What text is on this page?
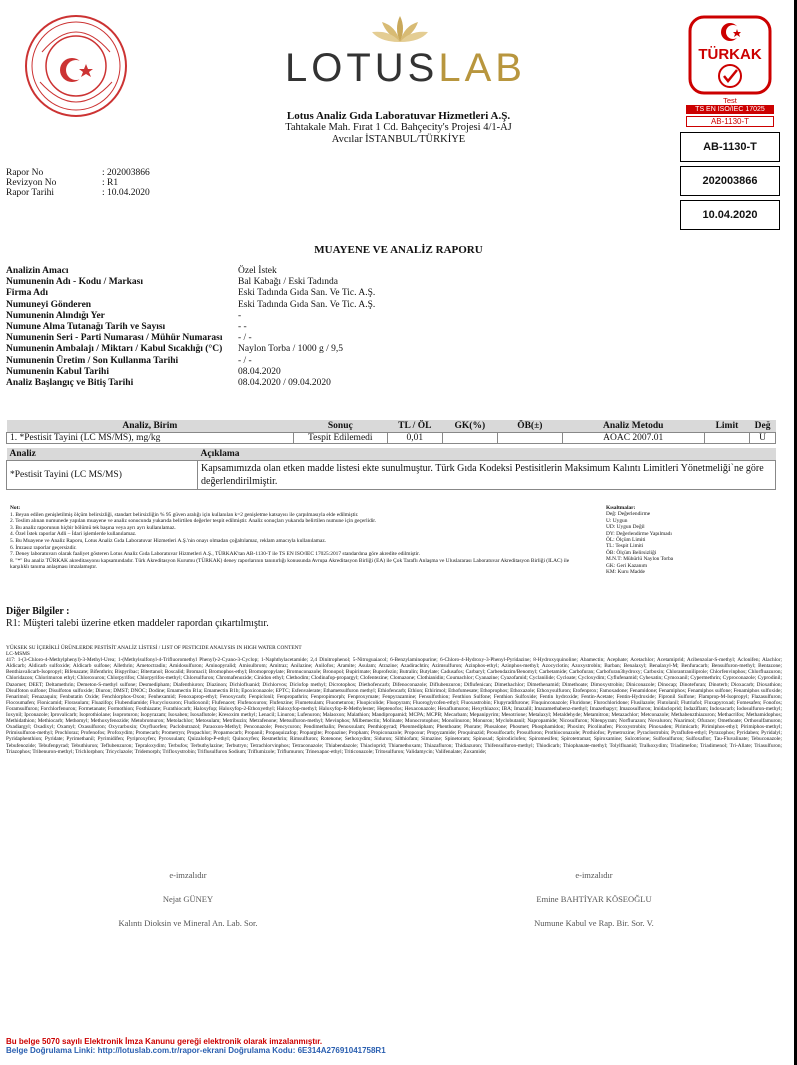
LOTUSLAB
Lotus Analiz Gıda Laboratuvar Hizmetleri A.Ş.
Tahtakale Mah. Fırat 1 Cd. Bahçecity's Projesi 4/1-AJ
Avcılar İSTANBUL/TÜRKİYE
TÜRKAK
Test
TS EN ISO/IEC 17025
AB-1130-T
AB-1130-T
202003866
10.04.2020
Rapor No	: 202003866
Revizyon No	: R1
Rapor Tarihi	: 10.04.2020
MUAYENE VE ANALİZ RAPORU
Analizin Amacı	Özel İstek
Numunenin Adı - Kodu / Markası	Bal Kabağı / Eski Tadında
Firma Adı	Eski Tadında Gıda San. Ve Tic. A.Ş.
Numuneyi Gönderen	Eski Tadında Gıda San. Ve Tic. A.Ş.
Numunenin Alındığı Yer	-
Numune Alma Tutanağı Tarih ve Sayısı	- -
Numunenin Seri - Parti Numarası / Mühür Numarası	- / -
Numunenin Ambalajı / Miktarı / Kabul Sıcaklığı (°C)	Naylon Torba / 1000 g / 9,5
Numunenin Üretim / Son Kullanma Tarihi	- / -
Numunenin Kabul Tarihi	08.04.2020
Analiz Başlangıç ve Bitiş Tarihi	08.04.2020 / 09.04.2020
Analiz, Birim	Sonuç	TL / ÖL	GK(%)	ÖB(±)	Analiz Metodu	Limit	Değ
1. *Pestisit Tayini (LC MS/MS), mg/kg	Tespit Edilemedi	0,01			AOAC 2007.01		U
Analiz	Açıklama
*Pestisit Tayini (LC MS/MS)	Kapsamımızda olan etken madde listesi ekte sunulmuştur. Türk Gıda Kodeksi Pestisitlerin Maksimum Kalıntı Limitleri Yönetmeliği`ne göre değerlendirilmiştir.
Not:
1. Beyan edilen genişletilmiş ölçüm belirsizliği, standart belirsizliğin % 95 güven aralığı için kullanılan k=2 genişletme katsayısı ile çarpılmasıyla elde edilmiştir.
2. Teslim alınan numunede yapılan muayene ve analiz sonucunda yukarıda belirtilen değerler tespit edilmiştir. Analiz sonuçları yukarıda belirtilen numune için geçerlidir.
3. Bu analiz raporunun hiçbir bölümü tek başına veya ayrı ayrı kullanılamaz.
4. Özel İstek raporlar Adli – İdari işlemlerde kullanılamaz.
5. Bu Muayene ve Analiz Raporu, Lotus Analiz Gıda Laboratuvar Hizmetleri A.Ş.'nin onayı olmadan çoğaltılamaz, reklam amacıyla kullanılamaz.
6. İmzasız raporlar geçersizdir.
7. Deney laboratuvarı olarak faaliyet gösteren Lotus Analiz Gıda Laboratuvar Hizmetleri A.Ş., TÜRKAK'tan AB-1130-T ile TS EN ISO/IEC 17025:2017 standardına göre akredite edilmiştir.
8. "*" Bu analiz TÜRKAK akreditasyonu kapsamındadır. Türk Akreditasyon Kurumu (TÜRKAK) deney raporlarının tanınırlığı konusunda Avrupa Akreditasyon Birliği (EA) ile Çok Taraflı Anlaşma ve Uluslararası Laboratuvar Akreditasyon Birliği (ILAC) ile karşılıklı tanıma anlaşması imzalamıştır.
Kısaltmalar:
Değ: Değerlendirme
U: Uygun
UD: Uygun Değil
DY: Değerlendirme Yapılmadı
ÖL: Ölçüm Limiti
TL: Tespit Limiti
ÖB: Ölçüm Belirsizliği
M.N.T: Mühürlü Naylon Torba
GK: Geri Kazanım
KM: Kuru Madde
Diğer Bilgiler :
R1: Müşteri talebi üzerine etken maddeler rapordan çıkartılmıştır.
YÜKSEK SU İÇERİKLİ ÜRÜNLERDE PESTİSİT ANALİZ LİSTESİ / LIST OF PESTICIDE ANALYSIS IN HIGH WATER CONTENT
LC-MSMS
417: 1-(3-Chloro-4-Methylphenyl)-3-Methyl-Urea; 1-(Methylsulfonyl-4-Trifluoromethyl Phenyl)-2-Cyano-3-Cyclop; 1-Naphthylacetamide; 2,4 Dinitrophenol; 5-Nitroguaiacol; 6-Benzylaminopurine; 6-Chloro-4-Hydroxy-3-Phenyl-Pyridazine; 8-Hydroxyquinoline; Abamectin; Acephate; Acetachlor; Acetamiprid; Acibenzolar-S-methyl; Aclonifen; Alachlor; Aldicarb; Aldicarb sulfoxide; Aldicarb sulfone; Allethrin; Ametoctradin; Amidosulfuron; Aminopyralid; Amisulbrom; Amitraz; Anilazine; Anilofos; Aramite; Asulam; Atrazine; Azadirachtin; Azimsulfuron; Azinphos-ethyl; Azinphos-methyl; Azocyclotin; Azoxystrobin; Barban; Benalaxyl; Benalaxyl-M; Benfuracarb; Bensulfuron-methyl; Bentazone; Benthiavalicarb-Isopropyl; Bifenazate; Bifenthrin; Bispyribac; Bitertanol; Boscalid; Bromacil; Bromophos-ethyl; Bromopropylate; Bromuconazole; Bronopol; Bupirimate; Buprofezin; Butralin; Butylate; Cadusafos; Carbaryl; Carbendazim/Benomyl; Carbetamide; Carbofuran; Carbofuran3hydroxy; Carboxin; Chlorantraniliprole; Chlorfenvinphos; Chlorfluazuron; Chloridazon; Chlorimuron ethyl; Chloroxuron; Chlorpyrifos; Chlorpyrifos-methyl; Chlorsulfuron; Chromafenozide; Cinidon ethyl; Clethodim; Clodinafop-propargyl; Clofentezine; Clomazone; Clothianidin; Coumachlor; Cyanazine; Cyazofamid; Cyclanilide; Cycloate; Cycloxydim; Cyflufenamid; Cyhexatin; Cymoxanil; Cypermethrin; Cyproconazole; Cyprodinil; Dazomet; DEET; Deltamethrin; Demeton-S-methyl sulfone; Desmedipham; Diafenthiuron; Diazinon; Dichlofluanid; Dichlorvos; Diclofop methyl; Dicrotophos; Diethofencarb; Difenoconazole; Diflubenzuron; Diflufenican; Dimethachlor; Dimethenamid; Dimethoate; Dimoxystrobin; Diniconazole; Dinocap; Dinotefuran; Dinoterb; Dioxacarb; Dioxathion; Disulfoton sulfone; Disulfoton sulfoxide; Diuron; DMST; DNOC; Dodine; Emamectin B1a; Emamectin B1b; Epoxiconazole; EPTC; Esfenvalerate; Ethametsulfuron methyl; Ethiofencarb; Ethion; Ethirimol; Ethofumesate; Ethoprophos; Ethoxazole; Ethoxysulfuron; Etofenprox; Famoxadone; Fenamidone; Fenamiphos; Fenamiphos sulfone; Fenamiphos sulfoxide; Fenarimol; Fenazaquin; Fenbutatin Oxide; Fenchlorphos-Oxon; Fenhexamid; Fenoxaprop-ethyl; Fenoxycarb; Fenpiclonil; Fenpropathrin; Fenpropimorph; Fenproxymate; Fenpyrazamine; Fensulfothion; Fenthion Sulfone; Fenthion Sulfoxide; Fentin hydroxide; Fentin-Acetate; Fentin-Hydroxide; Fipronil Sulfone; Flamprop-M-Isopropyl; Flazasulfuron; Flocoumafen; Flonicamid; Florasulam; Fluazifop; Flubendiamide; Flucycloxuron; Fludioxonil; Flufenacet; Flufenoxuron; Flufenzine; Flumetsulam; Fluometuron; Fluopicolide; Fluopyram; Fluoroglycofen-ethyl; Fluoxastrobin; Flupyradifurone; Fluquinconazole; Fluridone; Flurochloridone; Flusilazole; Flutolanil; Flutriafol; Fluxapyroxad; Fomesafen; Fonofos; Foramsulfuron; Forchlorfenuron; Formetanate; Formothion; Fosthiazate; Furathiocarb; Haloxyfop; Haloxyfop-2-Ethoxyethyl; Haloxyfop-methyl; Haloxyfop-R-Methylester; Heptenofos; Hexaconazole; Hexaflumuron; Hexythiazox; IBA; Imazalil; Imazamethabenz-methyl; Imazethapyr; Imazosulfuron; Imidacloprid; Indaziflam; Indoxacarb; Iodosulfuron-methyl; Ioxynil; Ipconazole; Iprovalicarb; Isoprothiolane; Isoproturon; Isopyrazam; Isoxaben; Isoxaflutole; Kresoxim methyl; Lenacil; Linuron; Lufenuron; Malaoxon; Malathion; Mandipropamid; MCPA; MCPB; Mecarbam; Mepanipyrim; Mesotrione; Metalaxyl; Metaldehyde; Metamitron; Metazachlor; Metconazole; Methabenzthiazuron; Methacrifos; Methamidophos; Methidathion; Methiocarb; Methomyl; Methoxyfenozide; Metobromuron; Metolachlor; Metosulam; Metribuzin; Metrafenone; Metsulfuron-methyl; Mevinphos; Milbemectin; Molinate; Monocrotophos; Monolinuron; Monuron; Myclobutanil; Napropamide; Nicosulfuron; Nitenpyram; Norflurazon; Novaluron; Nuarimol; Ofurace; Omethoate; Orthosulfamuron; Oxadiargyl; Oxadixyl; Oxamyl; Oxasulfuron; Oxycarboxin; Oxyfluorfen; Paclobutrazol; Paraoxon-Methyl; Penconazole; Pencycuron; Pendimethalin; Penoxsulam; Penthiopyrad; Phenmedipham; Phenthoate; Phorate; Phosalone; Phosmet; Phosphamidon; Phoxim; Picolinafen; Picoxystrobin; Pinoxaden; Pirimicarb; Pirimiphos-ethyl; Pirimiphos-methyl; Primisulfuron-methyl; Prochloraz; Profenofos; Profoxydim; Promecarb; Prometryn; Propachlor; Propamocarb; Propanil; Propaquizafop; Propargite; Propazine; Propham; Propiconazole; Propoxur; Propyzamide; Proquinazid; Prosulfocarb; Prosulfuron; Prothioconazole; Prothiofos; Pymetrozine; Pyraclostrobin; Pyraflufen-ethyl; Pyrazophos; Pyridaben; Pyridalyl; Pyridaphenthion; Pyridate; Pyrimethanil; Pyrimidifen; Pyriproxyfen; Pyroxsulam; Quizalofop-P-ethyl; Quinoxyfen; Resmethrin; Rimsulfuron; Rotenone; Sethoxydim; Siduron; Silthiofam; Simazine; Spinetoram; Spinosad; Spirodiclofen; Spiromesifen; Spirotetramat; Spiroxamine; Sulcotrione; Sulfosulfuron; Sulfoxaflor; Tau-Fluvalinate; Tebuconazole; Tebufenozide; Tebufenpyrad; Tebuthiuron; Teflubenzuron; Tepraloxydim; Terbufos; Terbuthylazine; Terbutryn; Tetrachlorvinphos; Tetraconazole; Thiabendazole; Thiacloprid; Thiamethoxam; Thiazafluron; Thidiazuron; Thifensulfuron-methyl; Thiodicarb; Thiophanate-methyl; Tolylfluanid; Tralkoxydim; Triadimefon; Triadimenol; Tri-Allate; Triasulfuron; Triazophos; Tribenuron-methyl; Trichlorphon; Tricyclazole; Tridemorph; Trifloxystrobin; Triflusulfuron Sodium; Triflumizole; Triflumuron; Trinexapac-ethyl; Triticonazole; Tritosulfuron; Validamycin; Valifenalate; Zoxamide;
e-imzalıdır
Nejat GÜNEY
Kalıntı Dioksin ve Mineral An. Lab. Sor.
e-imzalıdır
Emine BAHTİYAR KÖSEOĞLU
Numune Kabul ve Rap. Bir. Sor. V.
Bu belge 5070 sayılı Elektronik İmza Kanunu gereği elektronik olarak imzalanmıştır.
Belge Doğrulama Linki: http://lotuslab.com.tr/rapor-ekrani Doğrulama Kodu: 6E314A27691041758R1
